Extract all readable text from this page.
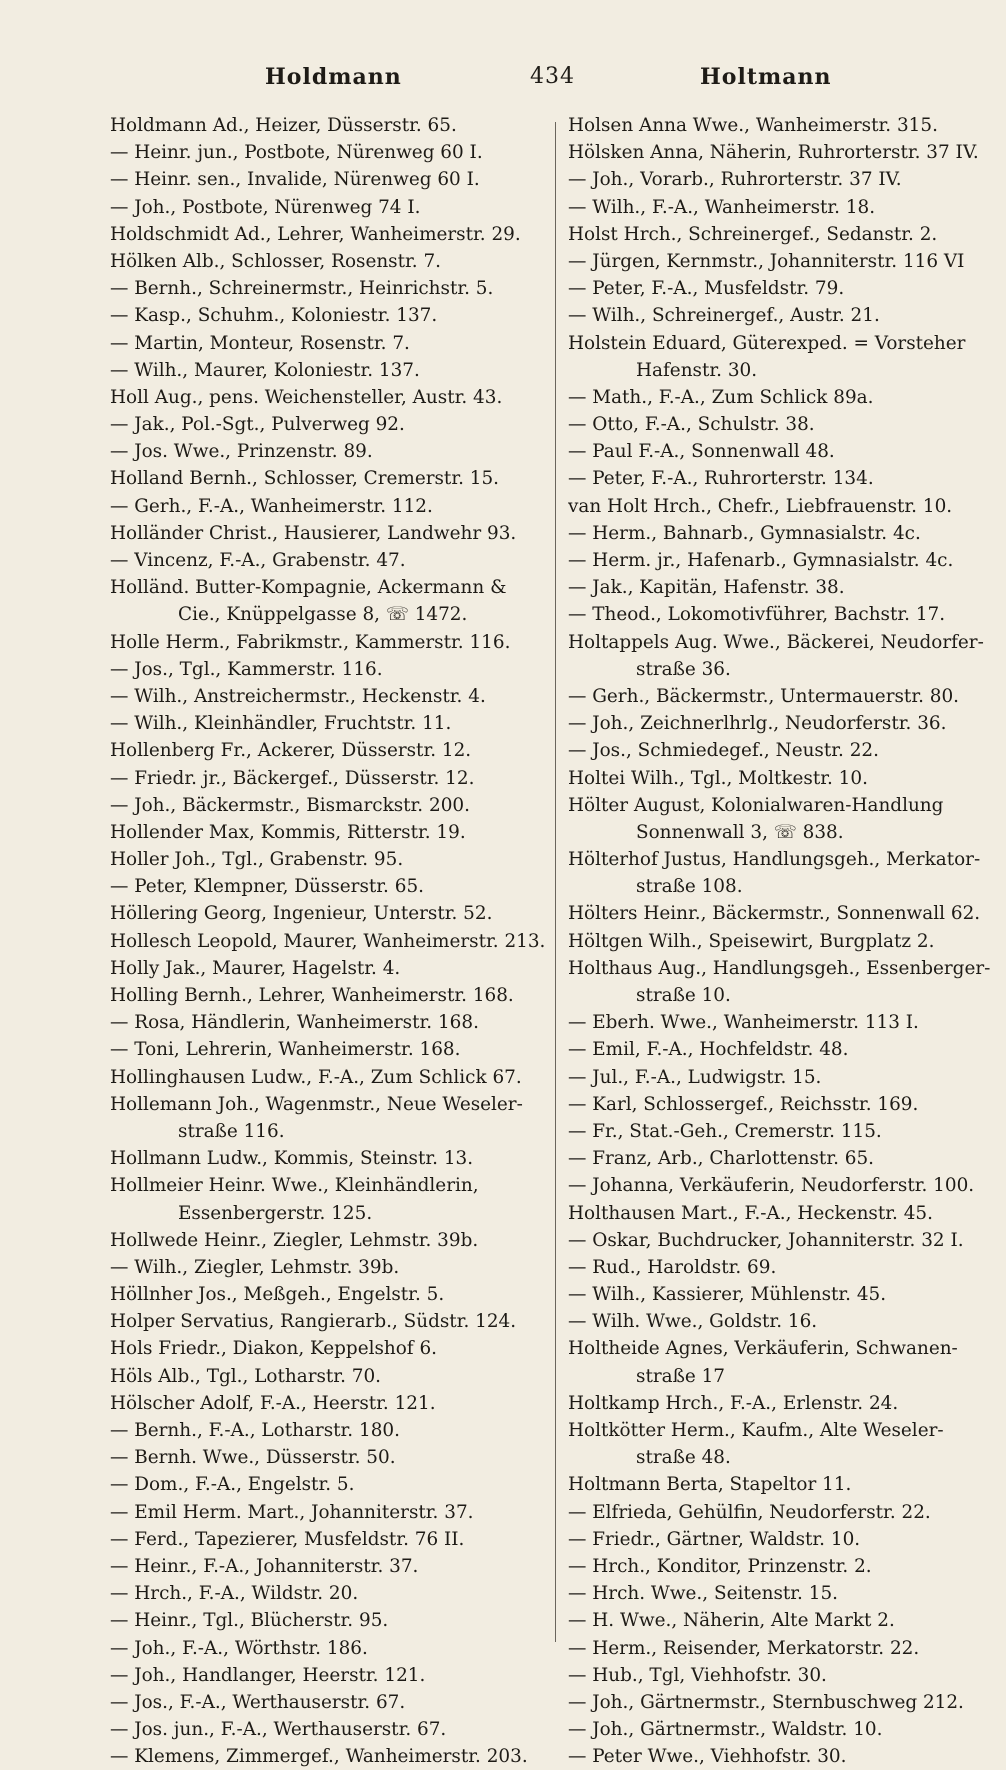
Holdmann	434	Holtmann
Holdmann Ad., Heizer, Düsserstr. 65.
— Heinr. jun., Postbote, Nürenweg 60 I.
— Heinr. sen., Invalide, Nürenweg 60 I.
— Joh., Postbote, Nürenweg 74 I.
Holdschmidt Ad., Lehrer, Wanheimerstr. 29.
Hölken Alb., Schlosser, Rosenstr. 7.
— Bernh., Schreinermstr., Heinrichstr. 5.
— Kasp., Schuhm., Koloniestr. 137.
— Martin, Monteur, Rosenstr. 7.
— Wilh., Maurer, Koloniestr. 137.
Holl Aug., pens. Weichensteller, Austr. 43.
— Jak., Pol.-Sgt., Pulverweg 92.
— Jos. Wwe., Prinzenstr. 89.
Holland Bernh., Schlosser, Cremerstr. 15.
— Gerh., F.-A., Wanheimerstr. 112.
Holländer Christ., Hausierer, Landwehr 93.
— Vincenz, F.-A., Grabenstr. 47.
Holländ. Butter-Kompagnie, Ackermann &
Cie., Knüppelgasse 8, ☏ 1472.
Holle Herm., Fabrikmstr., Kammerstr. 116.
— Jos., Tgl., Kammerstr. 116.
— Wilh., Anstreichermstr., Heckenstr. 4.
— Wilh., Kleinhändler, Fruchtstr. 11.
Hollenberg Fr., Ackerer, Düsserstr. 12.
— Friedr. jr., Bäckergef., Düsserstr. 12.
— Joh., Bäckermstr., Bismarckstr. 200.
Hollender Max, Kommis, Ritterstr. 19.
Holler Joh., Tgl., Grabenstr. 95.
— Peter, Klempner, Düsserstr. 65.
Höllering Georg, Ingenieur, Unterstr. 52.
Hollesch Leopold, Maurer, Wanheimerstr. 213.
Holly Jak., Maurer, Hagelstr. 4.
Holling Bernh., Lehrer, Wanheimerstr. 168.
— Rosa, Händlerin, Wanheimerstr. 168.
— Toni, Lehrerin, Wanheimerstr. 168.
Hollinghausen Ludw., F.-A., Zum Schlick 67.
Hollemann Joh., Wagenmstr., Neue Weseler-
straße 116.
Hollmann Ludw., Kommis, Steinstr. 13.
Hollmeier Heinr. Wwe., Kleinhändlerin,
Essenbergerstr. 125.
Hollwede Heinr., Ziegler, Lehmstr. 39b.
— Wilh., Ziegler, Lehmstr. 39b.
Höllnher Jos., Meßgeh., Engelstr. 5.
Holper Servatius, Rangierarb., Südstr. 124.
Hols Friedr., Diakon, Keppelshof 6.
Höls Alb., Tgl., Lotharstr. 70.
Hölscher Adolf, F.-A., Heerstr. 121.
— Bernh., F.-A., Lotharstr. 180.
— Bernh. Wwe., Düsserstr. 50.
— Dom., F.-A., Engelstr. 5.
— Emil Herm. Mart., Johanniterstr. 37.
— Ferd., Tapezierer, Musfeldstr. 76 II.
— Heinr., F.-A., Johanniterstr. 37.
— Hrch., F.-A., Wildstr. 20.
— Heinr., Tgl., Blücherstr. 95.
— Joh., F.-A., Wörthstr. 186.
— Joh., Handlanger, Heerstr. 121.
— Jos., F.-A., Werthauserstr. 67.
— Jos. jun., F.-A., Werthauserstr. 67.
— Klemens, Zimmergef., Wanheimerstr. 203.
Holsen Anna Wwe., Wanheimerstr. 315.
Hölsken Anna, Näherin, Ruhrorterstr. 37 IV.
— Joh., Vorarb., Ruhrorterstr. 37 IV.
— Wilh., F.-A., Wanheimerstr. 18.
Holst Hrch., Schreinergef., Sedanstr. 2.
— Jürgen, Kernmstr., Johanniterstr. 116 VI
— Peter, F.-A., Musfeldstr. 79.
— Wilh., Schreinergef., Austr. 21.
Holstein Eduard, Güterexped. = Vorsteher
Hafenstr. 30.
— Math., F.-A., Zum Schlick 89a.
— Otto, F.-A., Schulstr. 38.
— Paul F.-A., Sonnenwall 48.
— Peter, F.-A., Ruhrorterstr. 134.
van Holt Hrch., Chefr., Liebfrauenstr. 10.
— Herm., Bahnarb., Gymnasialstr. 4c.
— Herm. jr., Hafenarb., Gymnasialstr. 4c.
— Jak., Kapitän, Hafenstr. 38.
— Theod., Lokomotivführer, Bachstr. 17.
Holtappels Aug. Wwe., Bäckerei, Neudorfer-
straße 36.
— Gerh., Bäckermstr., Untermauerstr. 80.
— Joh., Zeichnerlhrlg., Neudorferstr. 36.
— Jos., Schmiedegef., Neustr. 22.
Holtei Wilh., Tgl., Moltkestr. 10.
Hölter August, Kolonialwaren-Handlung
Sonnenwall 3, ☏ 838.
Hölterhof Justus, Handlungsgeh., Merkator-
straße 108.
Hölters Heinr., Bäckermstr., Sonnenwall 62.
Höltgen Wilh., Speisewirt, Burgplatz 2.
Holthaus Aug., Handlungsgeh., Essenberger-
straße 10.
— Eberh. Wwe., Wanheimerstr. 113 I.
— Emil, F.-A., Hochfeldstr. 48.
— Jul., F.-A., Ludwigstr. 15.
— Karl, Schlossergef., Reichsstr. 169.
— Fr., Stat.-Geh., Cremerstr. 115.
— Franz, Arb., Charlottenstr. 65.
— Johanna, Verkäuferin, Neudorferstr. 100.
Holthausen Mart., F.-A., Heckenstr. 45.
— Oskar, Buchdrucker, Johanniterstr. 32 I.
— Rud., Haroldstr. 69.
— Wilh., Kassierer, Mühlenstr. 45.
— Wilh. Wwe., Goldstr. 16.
Holtheide Agnes, Verkäuferin, Schwanen-
straße 17
Holtkamp Hrch., F.-A., Erlenstr. 24.
Holtkötter Herm., Kaufm., Alte Weseler-
straße 48.
Holtmann Berta, Stapeltor 11.
— Elfrieda, Gehülfin, Neudorferstr. 22.
— Friedr., Gärtner, Waldstr. 10.
— Hrch., Konditor, Prinzenstr. 2.
— Hrch. Wwe., Seitenstr. 15.
— H. Wwe., Näherin, Alte Markt 2.
— Herm., Reisender, Merkatorstr. 22.
— Hub., Tgl, Viehhofstr. 30.
— Joh., Gärtnermstr., Sternbuschweg 212.
— Joh., Gärtnermstr., Waldstr. 10.
— Peter Wwe., Viehhofstr. 30.
